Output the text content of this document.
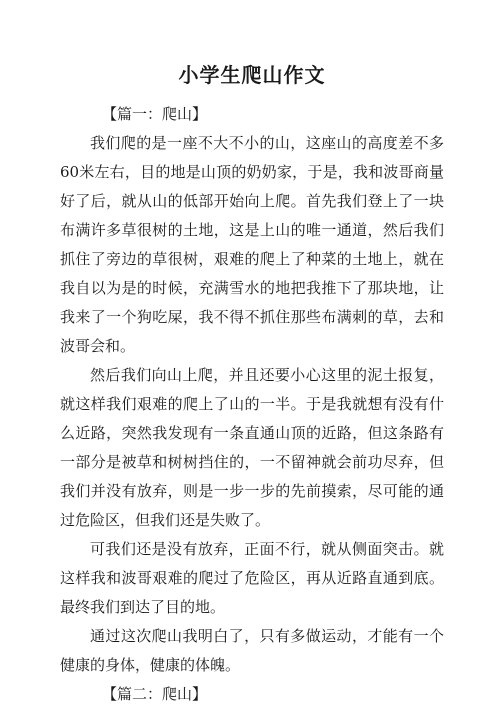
小学生爬山作文

【篇一：爬山】

我们爬的是一座不大不小的山，这座山的高度差不多60米左右，目的地是山顶的奶奶家，于是，我和波哥商量好了后，就从山的低部开始向上爬。首先我们登上了一块布满许多草很树的土地，这是上山的唯一通道，然后我们抓住了旁边的草很树，艰难的爬上了种菜的土地上，就在我自以为是的时候，充满雪水的地把我推下了那块地，让我来了一个狗吃屎，我不得不抓住那些布满刺的草，去和波哥会和。

然后我们向山上爬，并且还要小心这里的泥土报复，就这样我们艰难的爬上了山的一半。于是我就想有没有什么近路，突然我发现有一条直通山顶的近路，但这条路有一部分是被草和树树挡住的，一不留神就会前功尽弃，但我们并没有放弃，则是一步一步的先前摸索，尽可能的通过危险区，但我们还是失败了。

可我们还是没有放弃，正面不行，就从侧面突击。就这样我和波哥艰难的爬过了危险区，再从近路直通到底。最终我们到达了目的地。

通过这次爬山我明白了，只有多做运动，才能有一个健康的身体，健康的体魄。

【篇二：爬山】
